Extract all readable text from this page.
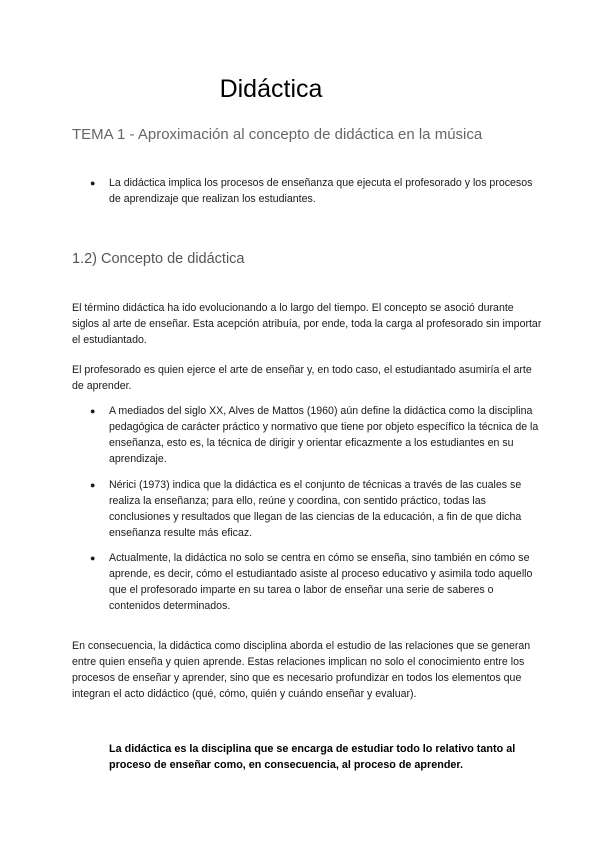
Didáctica
TEMA 1 - Aproximación al concepto de didáctica en la música
●	La didáctica implica los procesos de enseñanza que ejecuta el profesorado y los procesos de aprendizaje que realizan los estudiantes.
1.2) Concepto de didáctica

El término didáctica ha ido evolucionando a lo largo del tiempo. El concepto se asoció durante siglos al arte de enseñar. Esta acepción atribuía, por ende, toda la carga al profesorado sin importar el estudiantado.

El profesorado es quien ejerce el arte de enseñar y, en todo caso, el estudiantado asumiría el arte de aprender.

●	A mediados del siglo XX, Alves de Mattos (1960) aún define la didáctica como la disciplina pedagógica de carácter práctico y normativo que tiene por objeto específico la técnica de la enseñanza, esto es, la técnica de dirigir y orientar eficazmente a los estudiantes en su aprendizaje.
●	Nérici (1973) indica que la didáctica es el conjunto de técnicas a través de las cuales se realiza la enseñanza; para ello, reúne y coordina, con sentido práctico, todas las conclusiones y resultados que llegan de las ciencias de la educación, a fin de que dicha enseñanza resulte más eficaz.
●	Actualmente, la didáctica no solo se centra en cómo se enseña, sino también en cómo se aprende, es decir, cómo el estudiantado asiste al proceso educativo y asimila todo aquello que el profesorado imparte en su tarea o labor de enseñar una serie de saberes o contenidos determinados.

En consecuencia, la didáctica como disciplina aborda el estudio de las relaciones que se generan entre quien enseña y quien aprende. Estas relaciones implican no solo el conocimiento entre los procesos de enseñar y aprender, sino que es necesario profundizar en todos los elementos que integran el acto didáctico (qué, cómo, quién y cuándo enseñar y evaluar).

La didáctica es la disciplina que se encarga de estudiar todo lo relativo tanto al proceso de enseñar como, en consecuencia, al proceso de aprender.
